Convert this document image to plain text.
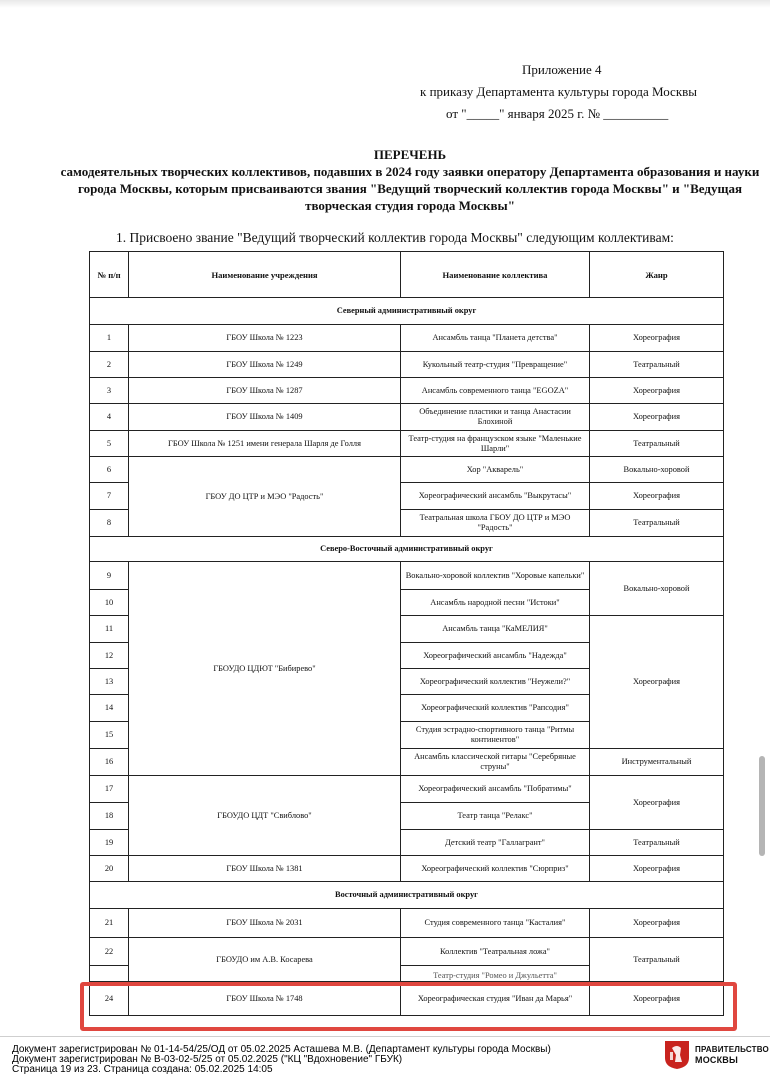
Приложение 4
к приказу Департамента культуры города Москвы
от "_____" января 2025 г. № __________
ПЕРЕЧЕНЬ
самодеятельных творческих коллективов, подавших в 2024 году заявки оператору Департамента образования и науки города Москвы, которым присваиваются звания "Ведущий творческий коллектив города Москвы" и "Ведущая творческая студия города Москвы"
1. Присвоено звание "Ведущий творческий коллектив города Москвы" следующим коллективам:
№ п/п	Наименование учреждения	Наименование коллектива	Жанр
Северный административный округ			
1	ГБОУ Школа № 1223	Ансамбль танца "Планета детства"	Хореография
2	ГБОУ Школа № 1249	Кукольный театр-студия "Превращение"	Театральный
3	ГБОУ Школа № 1287	Ансамбль современного танца "EGOZA"	Хореография
4	ГБОУ Школа № 1409	Объединение пластики и танца Анастасии Блохиной	Хореография
5	ГБОУ Школа № 1251 имени генерала Шарля де Голля	Театр-студия на французском языке "Маленькие Шарли"	Театральный
6	ГБОУ ДО ЦТР и МЭО "Радость"	Хор "Акварель"	Вокально-хоровой
7		Хореографический ансамбль "Выкрутасы"	Хореография
8		Театральная школа ГБОУ ДО ЦТР и МЭО "Радость"	Театральный
Северо-Восточный административный округ			
9	ГБОУДО ЦДЮТ "Бибирево"	Вокально-хоровой коллектив "Хоровые капельки"	Вокально-хоровой
10		Ансамбль народной песни "Истоки"	
11		Ансамбль танца "КаМЕЛИЯ"	Хореография
12		Хореографический ансамбль "Надежда"	
13		Хореографический коллектив "Неужели?"	
14		Хореографический коллектив "Рапсодия"	
15		Студия эстрадно-спортивного танца "Ритмы континентов"	
16		Ансамбль классической гитары "Серебряные струны"	Инструментальный
17	ГБОУДО ЦДТ "Свиблово"	Хореографический ансамбль "Побратимы"	Хореография
18		Театр танца "Релакс"	
19		Детский театр "Галлагрант"	Театральный
20	ГБОУ Школа № 1381	Хореографический коллектив "Сюрприз"	Хореография
Восточный административный округ			
21	ГБОУ Школа № 2031	Студия современного танца "Касталия"	Хореография
22	ГБОУДО им А.В. Косарева	Коллектив "Театральная ложа"	Театральный
		Театр-студия "Ромео и Джульетта"	
24	ГБОУ Школа № 1748	Хореографическая студия "Иван да Марья"	Хореография
Документ зарегистрирован № 01-14-54/25/ОД от 05.02.2025 Асташева М.В. (Департамент культуры города Москвы)
Документ зарегистрирован № В-03-02-5/25 от 05.02.2025 ("КЦ "Вдохновение" ГБУК)
Страница 19 из 23. Страница создана: 05.02.2025 14:05
ПРАВИТЕЛЬСТВО
МОСКВЫ
